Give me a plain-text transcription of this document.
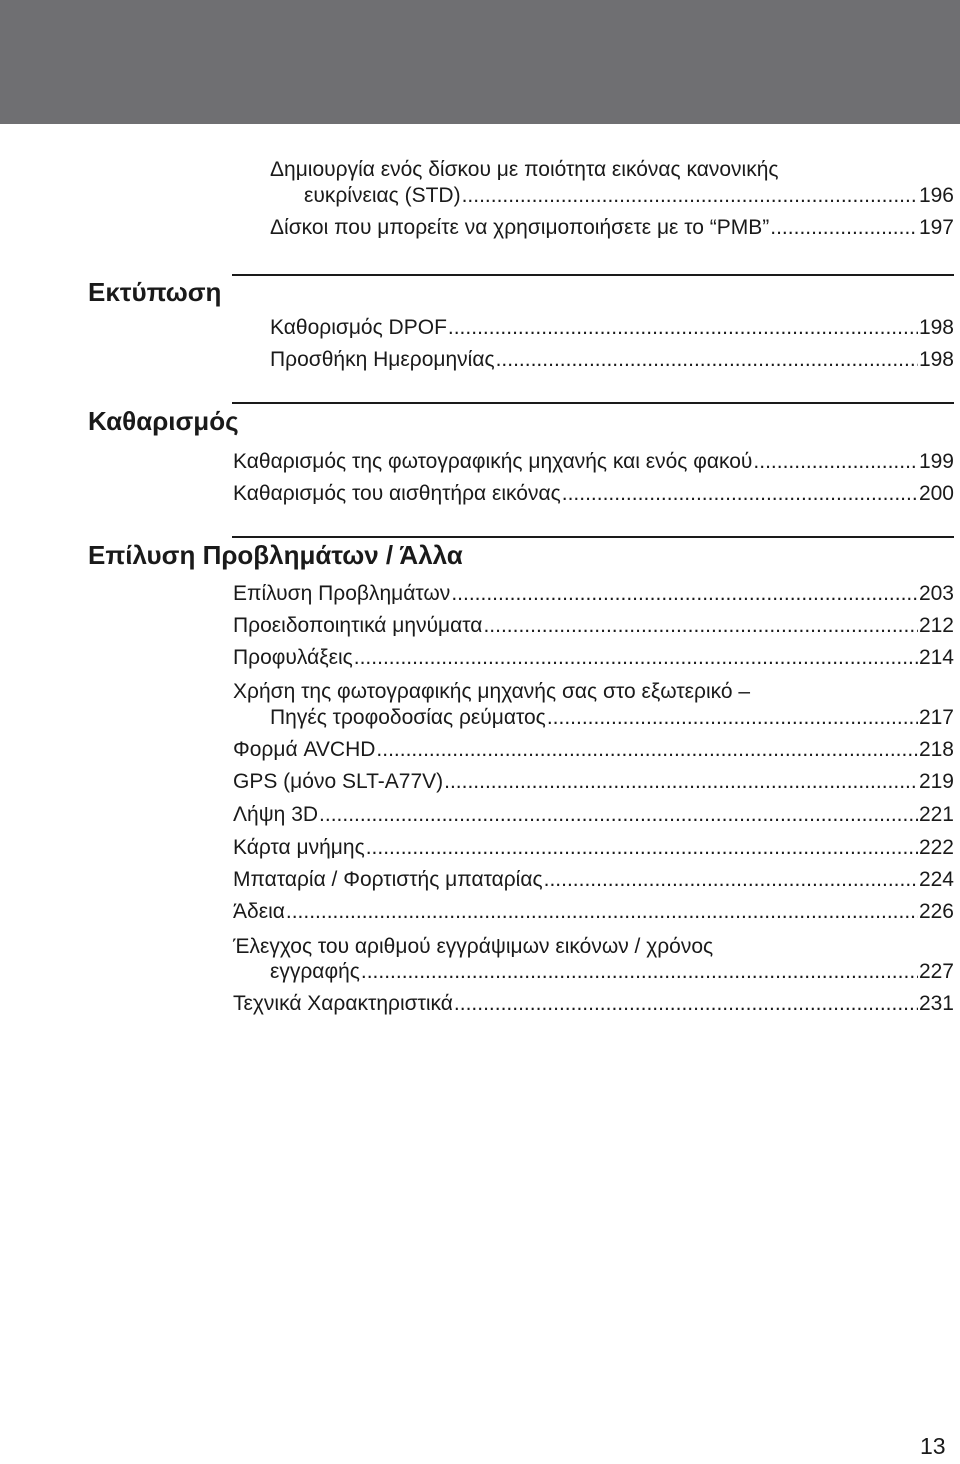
Δημιουργία ενός δίσκου με ποιότητα εικόνας κανονικής
ευκρίνειας (STD) .....	196
Δίσκοι που μπορείτε να χρησιμοποιήσετε με το “PMB” .....	197
Εκτύπωση
Καθορισμός DPOF .....	198
Προσθήκη Ημερομηνίας .....	198
Καθαρισμός
Καθαρισμός της φωτογραφικής μηχανής και ενός φακού .....	199
Καθαρισμός του αισθητήρα εικόνας .....	200
Επίλυση Προβλημάτων / Άλλα
Επίλυση Προβλημάτων .....	203
Προειδοποιητικά μηνύματα .....	212
Προφυλάξεις .....	214
Χρήση της φωτογραφικής μηχανής σας στο εξωτερικό –
Πηγές τροφοδοσίας ρεύματος .....	217
Φορμά AVCHD .....	218
GPS (μόνο SLT-A77V) .....	219
Λήψη 3D .....	221
Κάρτα μνήμης .....	222
Μπαταρία / Φορτιστής μπαταρίας .....	224
Άδεια .....	226
Έλεγχος του αριθμού εγγράψιμων εικόνων / χρόνος
εγγραφής .....	227
Τεχνικά Χαρακτηριστικά .....	231
13
